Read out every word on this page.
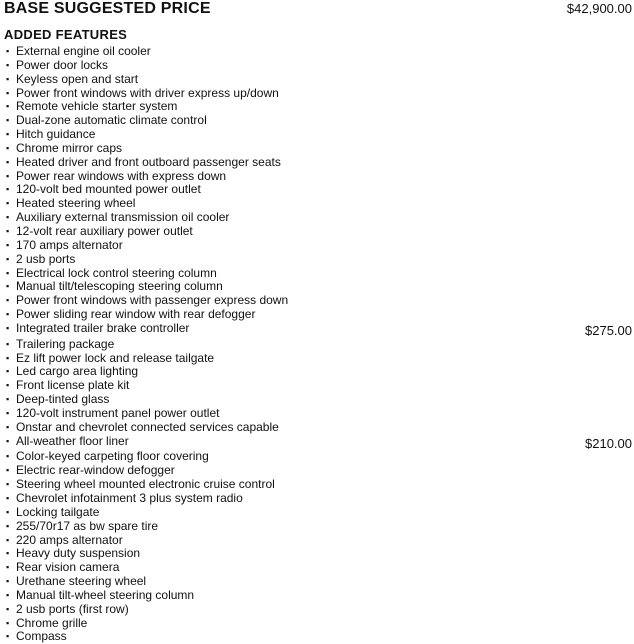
BASE SUGGESTED PRICE	$42,900.00
ADDED FEATURES
▪ External engine oil cooler
▪ Power door locks
▪ Keyless open and start
▪ Power front windows with driver express up/down
▪ Remote vehicle starter system
▪ Dual-zone automatic climate control
▪ Hitch guidance
▪ Chrome mirror caps
▪ Heated driver and front outboard passenger seats
▪ Power rear windows with express down
▪ 120-volt bed mounted power outlet
▪ Heated steering wheel
▪ Auxiliary external transmission oil cooler
▪ 12-volt rear auxiliary power outlet
▪ 170 amps alternator
▪ 2 usb ports
▪ Electrical lock control steering column
▪ Manual tilt/telescoping steering column
▪ Power front windows with passenger express down
▪ Power sliding rear window with rear defogger
▪ Integrated trailer brake controller	$275.00
▪ Trailering package
▪ Ez lift power lock and release tailgate
▪ Led cargo area lighting
▪ Front license plate kit
▪ Deep-tinted glass
▪ 120-volt instrument panel power outlet
▪ Onstar and chevrolet connected services capable
▪ All-weather floor liner	$210.00
▪ Color-keyed carpeting floor covering
▪ Electric rear-window defogger
▪ Steering wheel mounted electronic cruise control
▪ Chevrolet infotainment 3 plus system radio
▪ Locking tailgate
▪ 255/70r17 as bw spare tire
▪ 220 amps alternator
▪ Heavy duty suspension
▪ Rear vision camera
▪ Urethane steering wheel
▪ Manual tilt-wheel steering column
▪ 2 usb ports (first row)
▪ Chrome grille
▪ Compass
